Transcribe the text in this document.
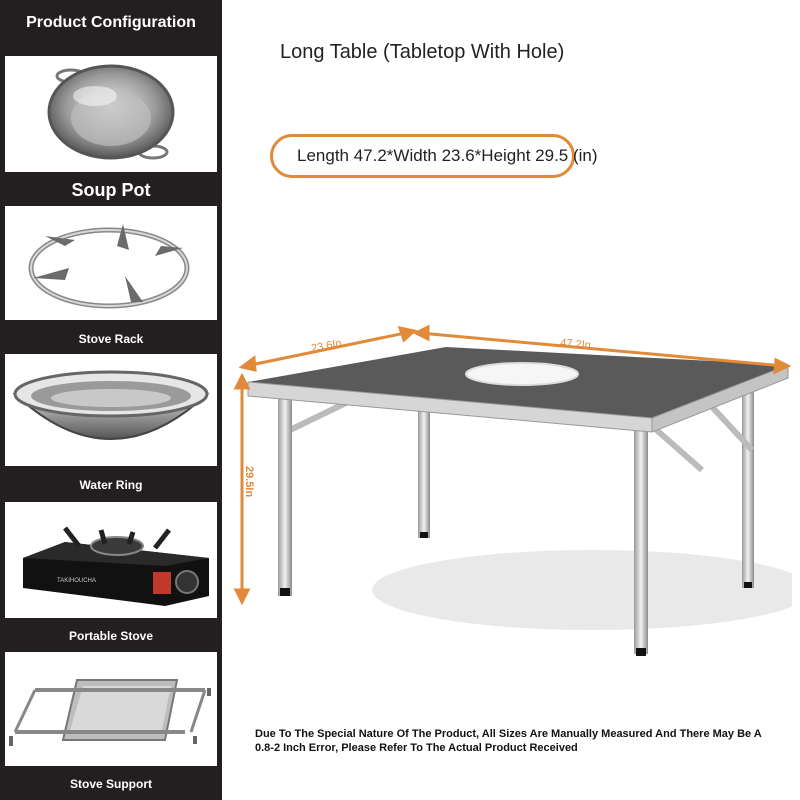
Product Configuration
Soup Pot
Stove Rack
Water Ring
TAKIHOUCHA
Portable Stove
Stove Support
Long Table (Tabletop With Hole)
Length 47.2*Width 23.6*Height 29.5 (in)
23.6In	47.2In
29.5In
Due To The Special Nature Of The Product, All Sizes Are Manually Measured And There May Be A 0.8-2 Inch Error, Please Refer To The Actual Product Received
